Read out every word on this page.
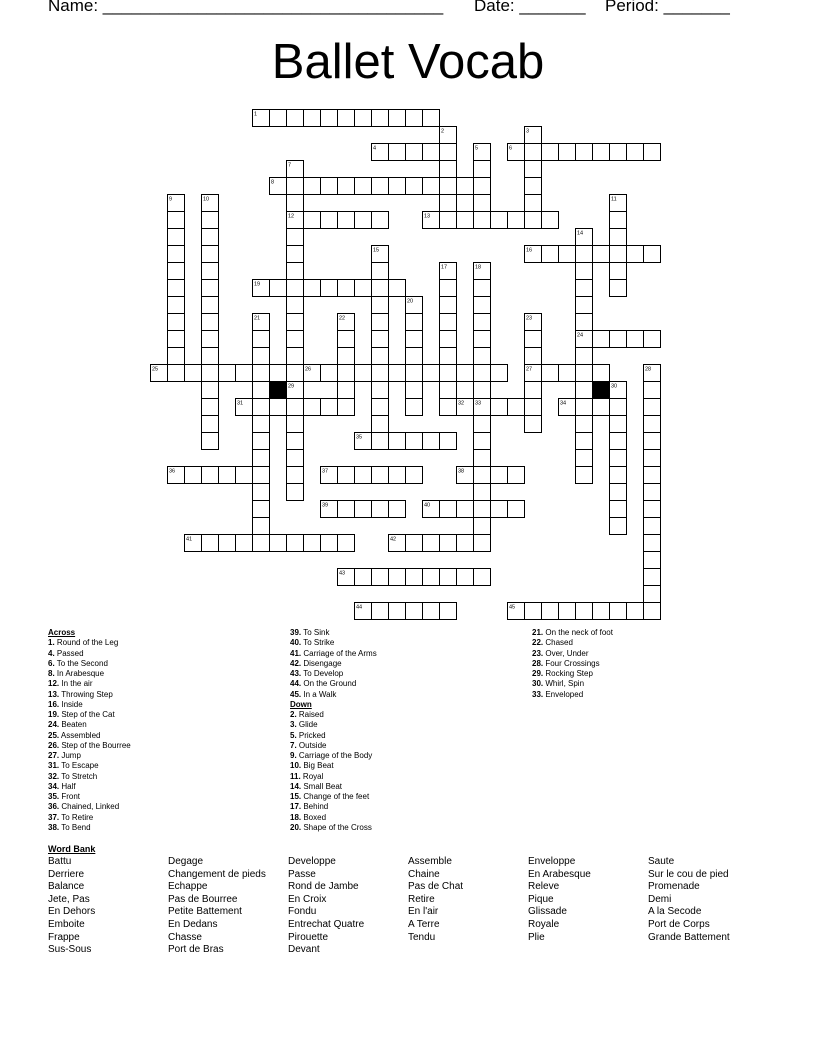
Name: ____________________________________ Date: _______ Period: _______
Ballet Vocab
1
4	6
8
12	13
16
19
24
25	26	27
31	32	34
35
36	37	38
39	40
41	42
43
44	45
2	3
5
7
9	10	11
14
15
17	18
20
21	22	23
28
29	30
33
Across
1. Round of the Leg
4. Passed
6. To the Second
8. In Arabesque
12. In the air
13. Throwing Step
16. Inside
19. Step of the Cat
24. Beaten
25. Assembled
26. Step of the Bourree
27. Jump
31. To Escape
32. To Stretch
34. Half
35. Front
36. Chained, Linked
37. To Retire
38. To Bend
39. To Sink
40. To Strike
41. Carriage of the Arms
42. Disengage
43. To Develop
44. On the Ground
45. In a Walk
Down
2. Raised
3. Glide
5. Pricked
7. Outside
9. Carriage of the Body
10. Big Beat
11. Royal
14. Small Beat
15. Change of the feet
17. Behind
18. Boxed
20. Shape of the Cross
21. On the neck of foot
22. Chased
23. Over, Under
28. Four Crossings
29. Rocking Step
30. Whirl, Spin
33. Enveloped
Word Bank
Battu
Derriere
Balance
Jete, Pas
En Dehors
Emboite
Frappe
Sus-Sous
Degage
Changement de pieds
Echappe
Pas de Bourree
Petite Battement
En Dedans
Chasse
Port de Bras
Developpe
Passe
Rond de Jambe
En Croix
Fondu
Entrechat Quatre
Pirouette
Devant
Assemble
Chaine
Pas de Chat
Retire
En l'air
A Terre
Tendu
Enveloppe
En Arabesque
Releve
Pique
Glissade
Royale
Plie
Saute
Sur le cou de pied
Promenade
Demi
A la Secode
Port de Corps
Grande Battement
